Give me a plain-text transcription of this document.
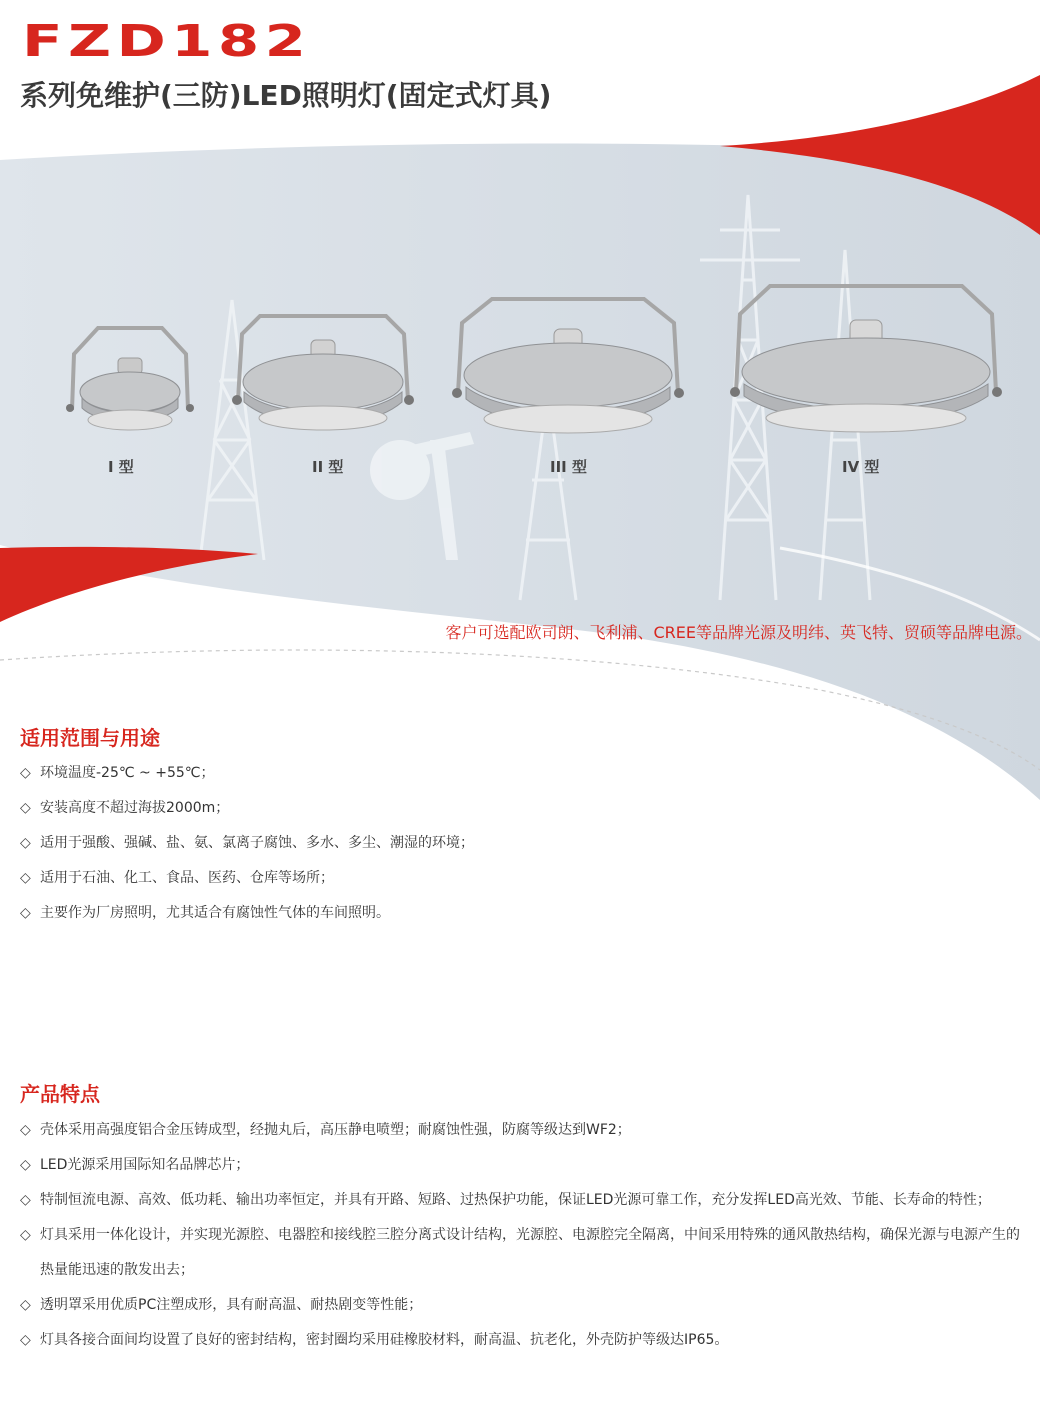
FZD182
系列免维护(三防)LED照明灯(固定式灯具)
I 型	II 型	III 型	IV 型
客户可选配欧司朗、飞利浦、CREE等品牌光源及明纬、英飞特、贸硕等品牌电源。
适用范围与用途
◇ 环境温度-25℃ ~ +55℃；
◇ 安装高度不超过海拔2000m；
◇ 适用于强酸、强碱、盐、氨、氯离子腐蚀、多水、多尘、潮湿的环境；
◇ 适用于石油、化工、食品、医药、仓库等场所；
◇ 主要作为厂房照明，尤其适合有腐蚀性气体的车间照明。
产品特点
◇ 壳体采用高强度铝合金压铸成型，经抛丸后，高压静电喷塑；耐腐蚀性强，防腐等级达到WF2；
◇ LED光源采用国际知名品牌芯片；
◇ 特制恒流电源、高效、低功耗、输出功率恒定，并具有开路、短路、过热保护功能，保证LED光源可靠工作，充分发挥LED高光效、节能、长寿命的特性；
◇ 灯具采用一体化设计，并实现光源腔、电器腔和接线腔三腔分离式设计结构，光源腔、电源腔完全隔离，中间采用特殊的通风散热结构，确保光源与电源产生的热量能迅速的散发出去；
◇ 透明罩采用优质PC注塑成形，具有耐高温、耐热剧变等性能；
◇ 灯具各接合面间均设置了良好的密封结构，密封圈均采用硅橡胶材料，耐高温、抗老化，外壳防护等级达IP65。
